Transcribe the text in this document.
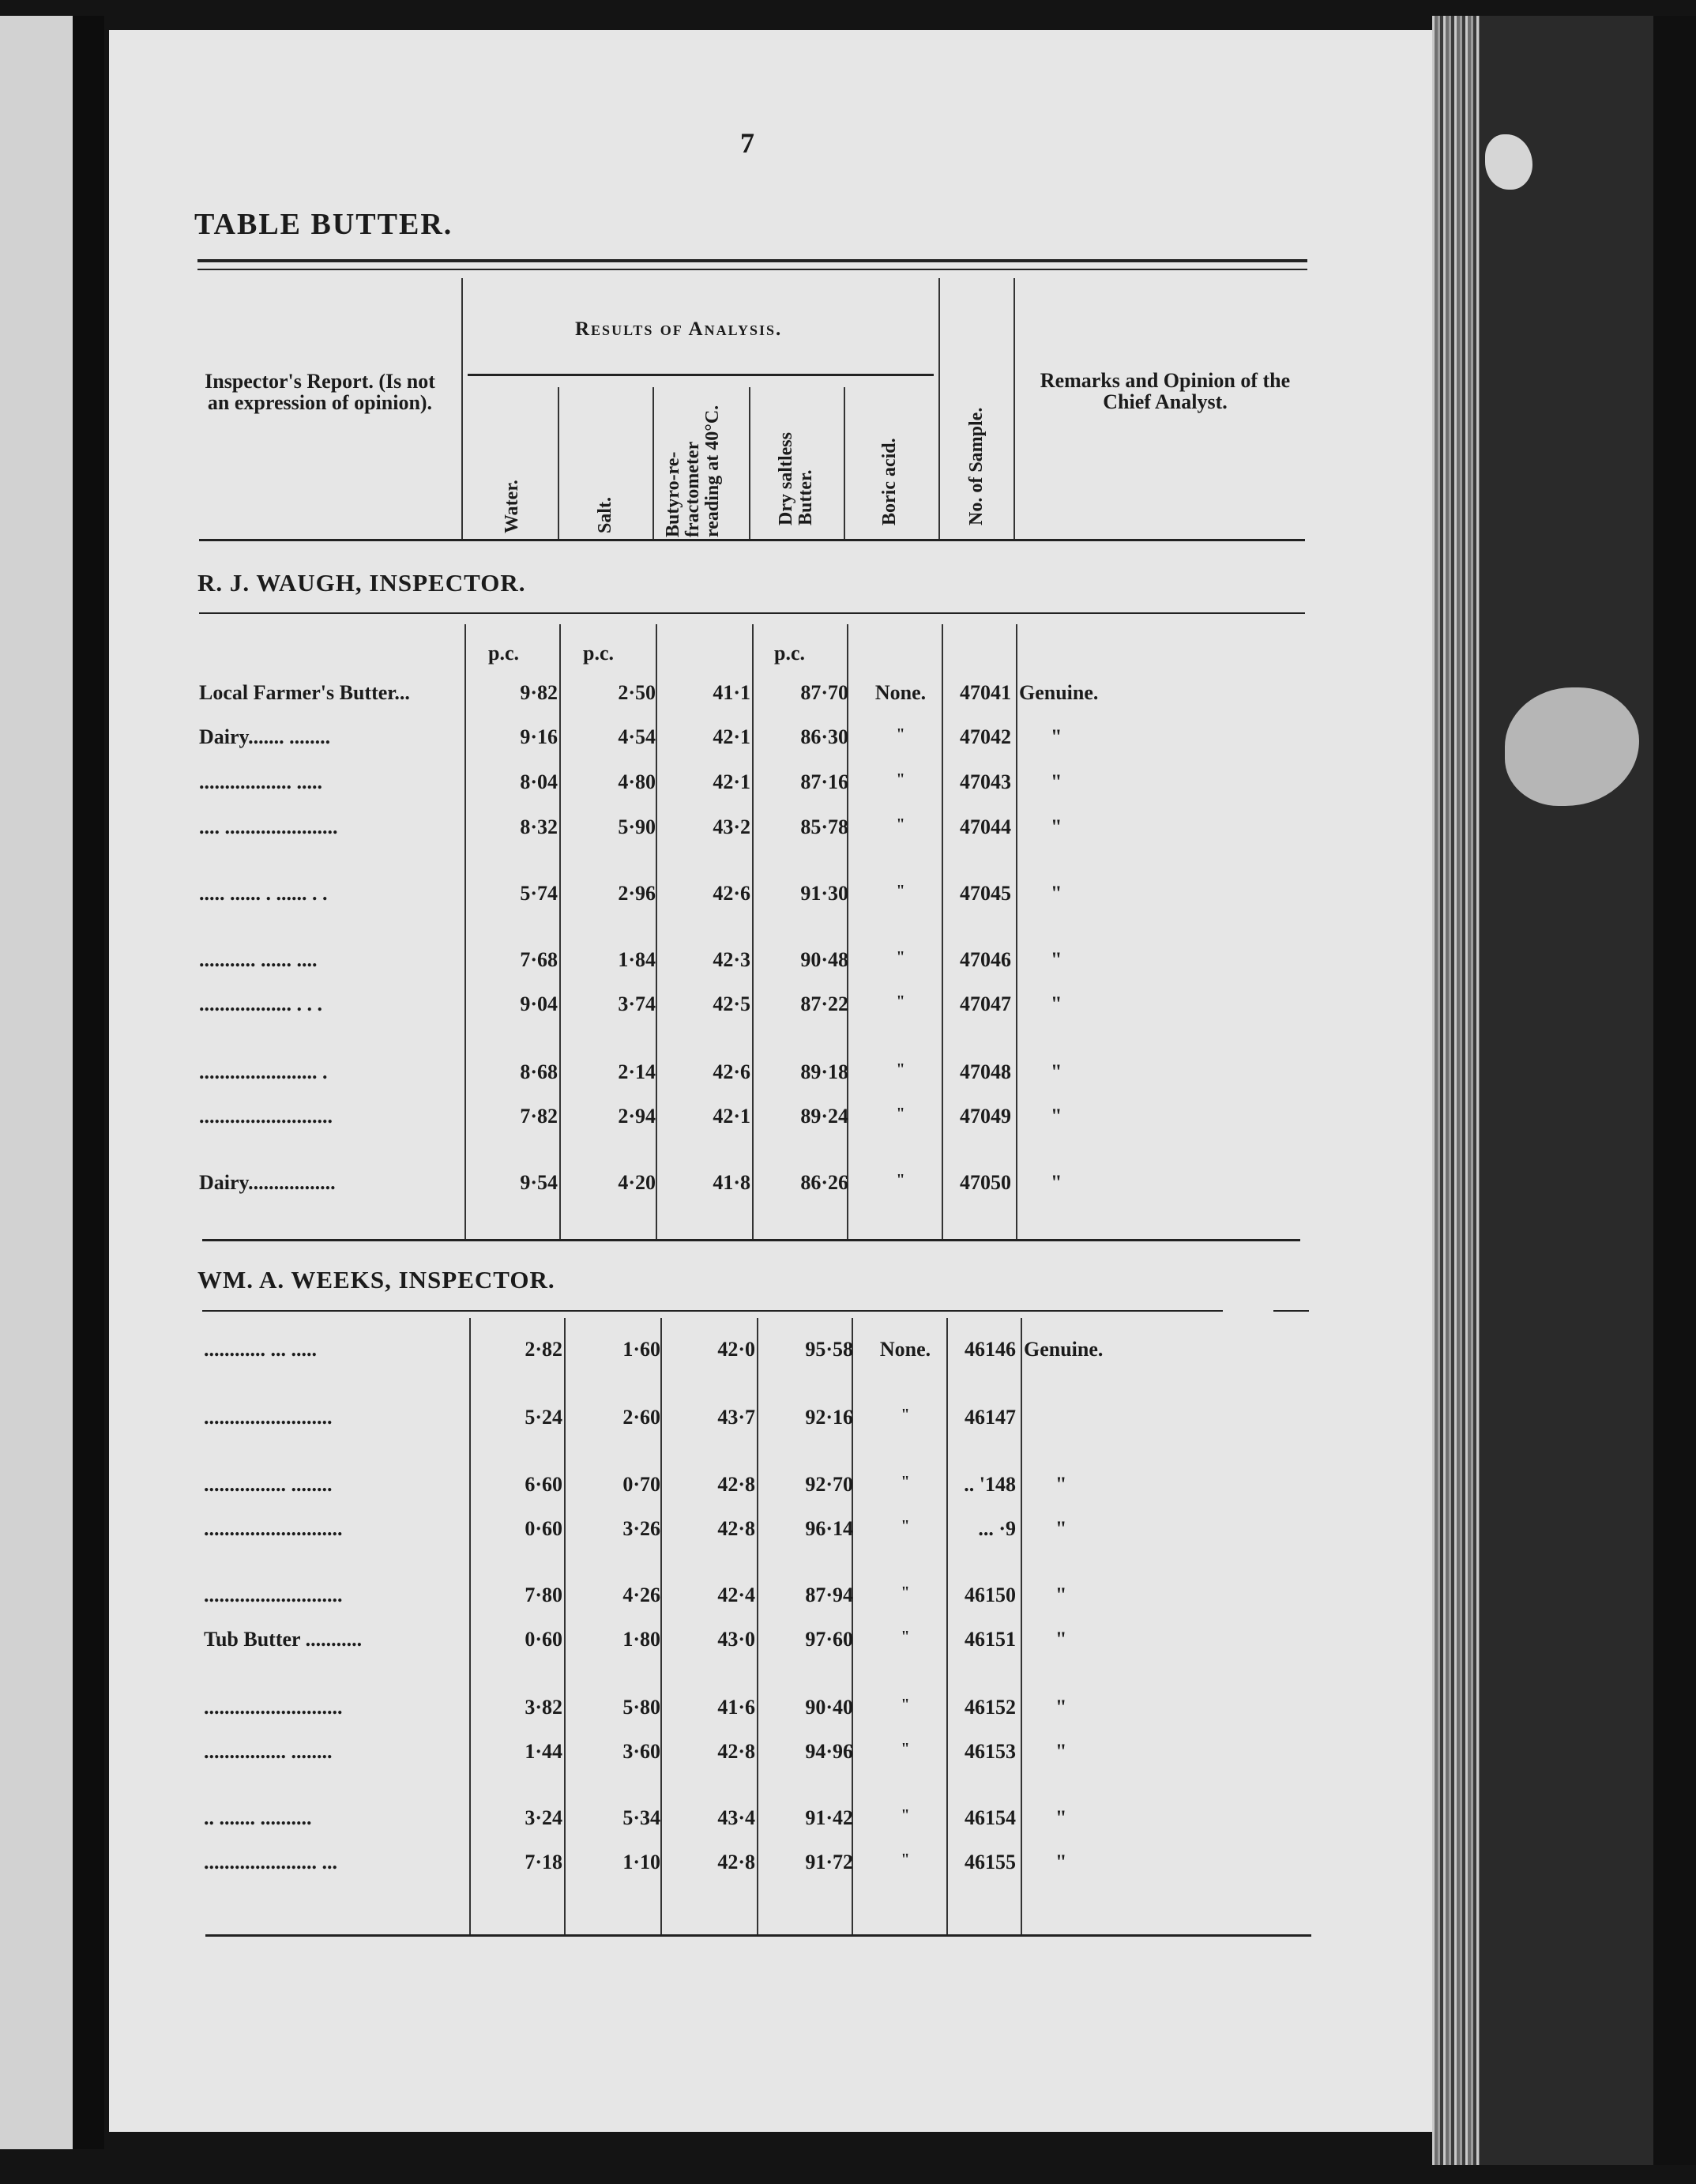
7
TABLE BUTTER.
Inspector's Report. (Is not an expression of opinion).
Results of Analysis.
Remarks and Opinion of the Chief Analyst.
Water.	Salt.	Butyro-re-fractometer reading at 40°C.	Dry saltless Butter.	Boric acid.	No. of Sample.
R. J. WAUGH, INSPECTOR.
p.c.	p.c.	p.c.
Local Farmer's Butter...	9·82	2·50	41·1	87·70	None.	47041 Genuine.
Dairy....... ........	9·16	4·54	42·1	86·30	"	47042 "
.................. .....	8·04	4·80	42·1	87·16	"	47043 "
.... ......................	8·32	5·90	43·2	85·78	"	47044 "
..... ...... . ...... . .	5·74	2·96	42·6	91·30	"	47045 "
........... ...... ....	7·68	1·84	42·3	90·48	"	47046 "
.................. . . .	9·04	3·74	42·5	87·22	"	47047 "
....................... .	8·68	2·14	42·6	89·18	"	47048 "
..........................	7·82	2·94	42·1	89·24	"	47049 "
Dairy.................	9·54	4·20	41·8	86·26	"	47050 "
WM. A. WEEKS, INSPECTOR.
............ ... .....	2·82	1·60	42·0	95·58	None.	46146 Genuine.
.........................	5·24	2·60	43·7	92·16	"	46147
................ ........	6·60	0·70	42·8	92·70	"	.. '148 "
...........................	0·60	3·26	42·8	96·14	"	... ·9 "
...........................	7·80	4·26	42·4	87·94	"	46150 "
Tub Butter ...........	0·60	1·80	43·0	97·60	"	46151 "
...........................	3·82	5·80	41·6	90·40	"	46152 "
................ ........	1·44	3·60	42·8	94·96	"	46153 "
.. ....... ..........	3·24	5·34	43·4	91·42	"	46154 "
...................... ...	7·18	1·10	42·8	91·72	"	46155 "
